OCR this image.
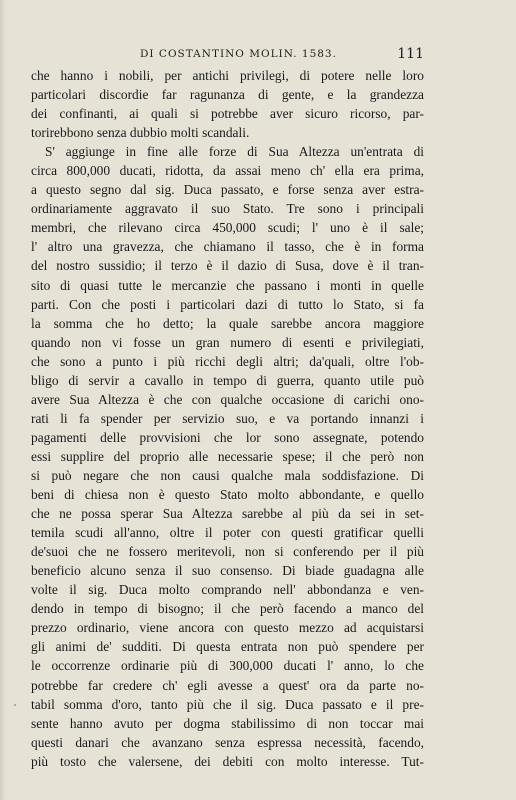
DI COSTANTINO MOLIN. 1583.	111
che hanno i nobili, per antichi privilegi, di potere nelle loro
particolari discordie far ragunanza di gente, e la grandezza
dei confinanti, ai quali si potrebbe aver sicuro ricorso, par-
torirebbono senza dubbio molti scandali.
S' aggiunge in fine alle forze di Sua Altezza un'entrata di
circa 800,000 ducati, ridotta, da assai meno ch' ella era prima,
a questo segno dal sig. Duca passato, e forse senza aver estra-
ordinariamente aggravato il suo Stato. Tre sono i principali
membri, che rilevano circa 450,000 scudi; l' uno è il sale;
l' altro una gravezza, che chiamano il tasso, che è in forma
del nostro sussidio; il terzo è il dazio di Susa, dove è il tran-
sito di quasi tutte le mercanzie che passano i monti in quelle
parti. Con che posti i particolari dazi di tutto lo Stato, si fa
la somma che ho detto; la quale sarebbe ancora maggiore
quando non vi fosse un gran numero di esenti e privilegiati,
che sono a punto i più ricchi degli altri; da'quali, oltre l'ob-
bligo di servir a cavallo in tempo di guerra, quanto utile può
avere Sua Altezza è che con qualche occasione di carichi ono-
rati li fa spender per servizio suo, e va portando innanzi i
pagamenti delle provvisioni che lor sono assegnate, potendo
essi supplire del proprio alle necessarie spese; il che però non
si può negare che non causi qualche mala soddisfazione. Di
beni di chiesa non è questo Stato molto abbondante, e quello
che ne possa sperar Sua Altezza sarebbe al più da sei in set-
temila scudi all'anno, oltre il poter con questi gratificar quelli
de'suoi che ne fossero meritevoli, non si conferendo per il più
beneficio alcuno senza il suo consenso. Di biade guadagna alle
volte il sig. Duca molto comprando nell' abbondanza e ven-
dendo in tempo di bisogno; il che però facendo a manco del
prezzo ordinario, viene ancora con questo mezzo ad acquistarsi
gli animi de' sudditi. Di questa entrata non può spendere per
le occorrenze ordinarie più di 300,000 ducati l' anno, lo che
potrebbe far credere ch' egli avesse a quest' ora da parte no-
tabil somma d'oro, tanto più che il sig. Duca passato e il pre-
sente hanno avuto per dogma stabilissimo di non toccar mai
questi danari che avanzano senza espressa necessità, facendo,
più tosto che valersene, dei debiti con molto interesse. Tut-
